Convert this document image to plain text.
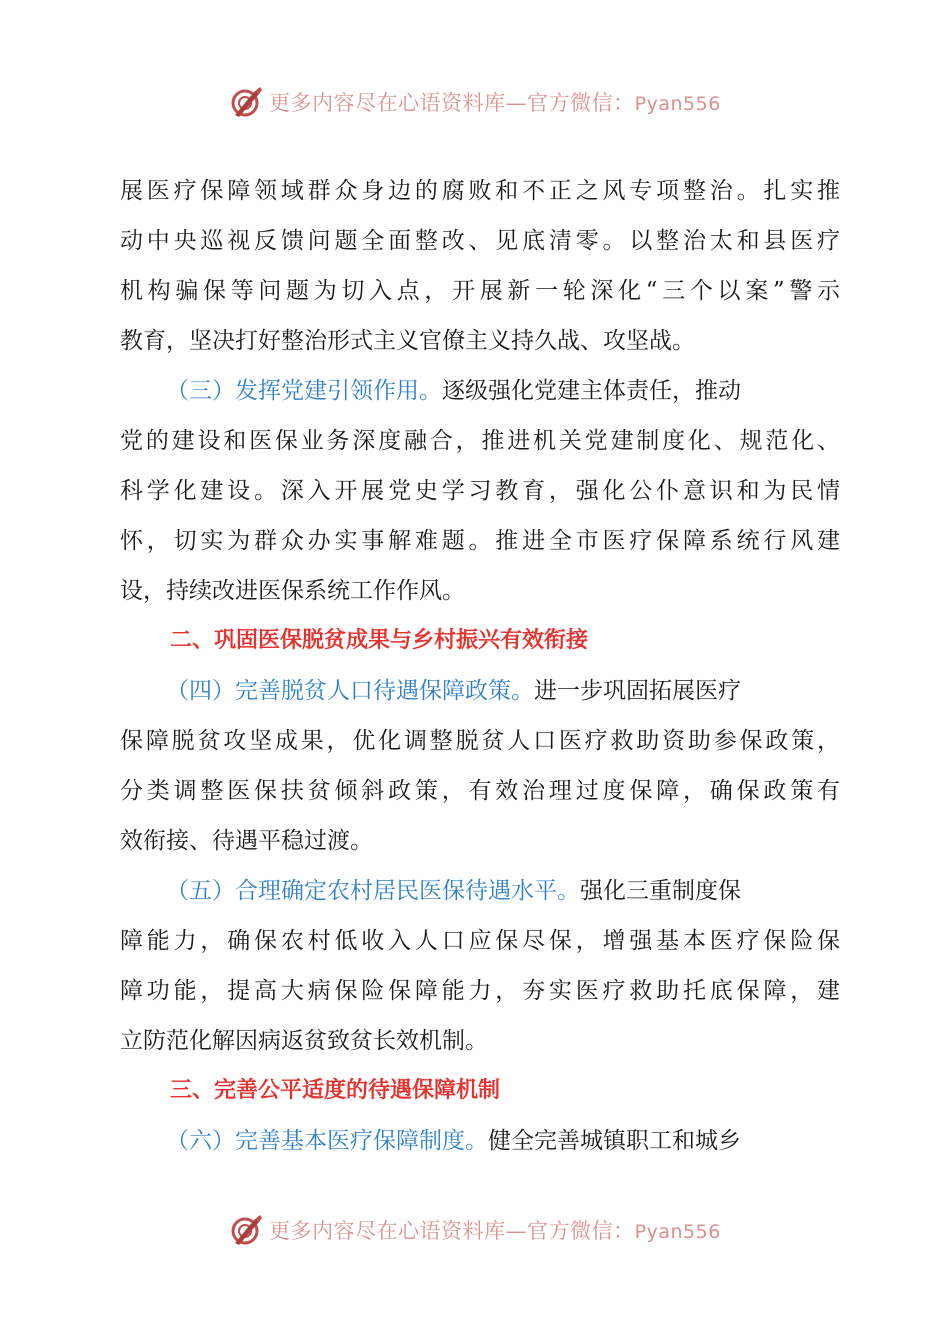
更多内容尽在心语资料库—官方微信：Pyan556
展医疗保障领域群众身边的腐败和不正之风专项整治。扎实推
动中央巡视反馈问题全面整改、见底清零。以整治太和县医疗
机构骗保等问题为切入点，开展新一轮深化“三个以案”警示
教育，坚决打好整治形式主义官僚主义持久战、攻坚战。
（三）发挥党建引领作用。逐级强化党建主体责任，推动
党的建设和医保业务深度融合，推进机关党建制度化、规范化、
科学化建设。深入开展党史学习教育，强化公仆意识和为民情
怀，切实为群众办实事解难题。推进全市医疗保障系统行风建
设，持续改进医保系统工作作风。
二、巩固医保脱贫成果与乡村振兴有效衔接
（四）完善脱贫人口待遇保障政策。进一步巩固拓展医疗
保障脱贫攻坚成果，优化调整脱贫人口医疗救助资助参保政策，
分类调整医保扶贫倾斜政策，有效治理过度保障，确保政策有
效衔接、待遇平稳过渡。
（五）合理确定农村居民医保待遇水平。强化三重制度保
障能力，确保农村低收入人口应保尽保，增强基本医疗保险保
障功能，提高大病保险保障能力，夯实医疗救助托底保障，建
立防范化解因病返贫致贫长效机制。
三、完善公平适度的待遇保障机制
（六）完善基本医疗保障制度。健全完善城镇职工和城乡
更多内容尽在心语资料库—官方微信：Pyan556
